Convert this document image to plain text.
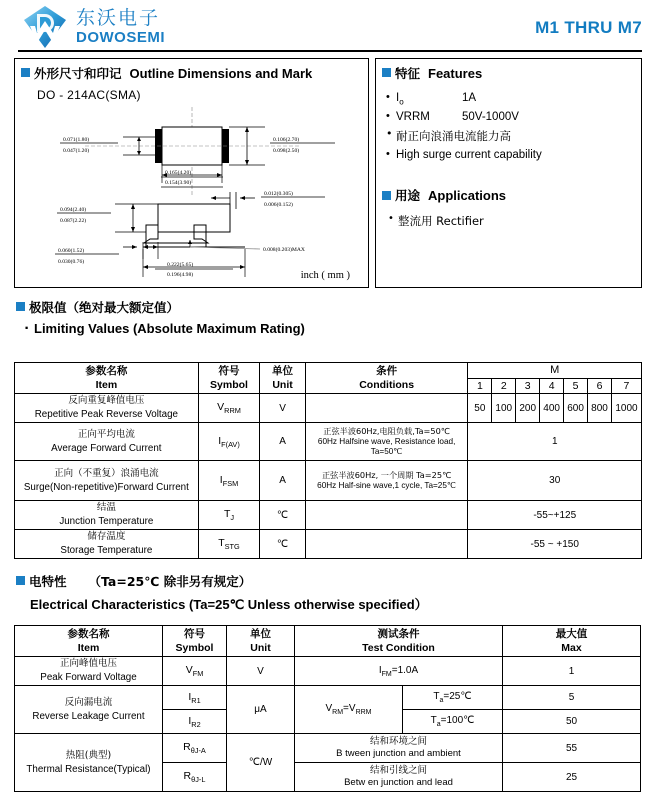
东沃电子
DOWOSEMI
M1 THRU M7
外形尺寸和印记 Outline Dimensions and Mark
DO - 214AC(SMA)
0.071(1.80)
0.047(1.20)
0.106(2.70)
0.098(2.50)
0.165(4.20)
0.154(3.90)
0.094(2.40)
0.087(2.22)
0.012(0.305)
0.006(0.152)
0.008(0.203)MAX
0.060(1.52)
0.030(0.76)	0.222(5.65)
0.196(4.98)	inch ( mm )
特征 Features
• $I_o$	1A
• VRRM	50V-1000V
• 耐正向浪涌电流能力高
• High surge current capability
用途 Applications
• 整流用 Rectifier
极限值（绝对最大额定值）
· Limiting Values (Absolute Maximum Rating)
参数名称
Item	符号
Symbol	单位
Unit	条件
Conditions	M						
				1	2	3	4	5	6	7

反向重复峰值电压
Repetitive Peak Reverse Voltage	$V_{RRM}$	V		50	100	200	400	600	800	1000

正向平均电流
Average Forward Current	$I_{F(AV)}$	A	正弦半波60Hz,电阻负载,Ta=50℃
60Hz Halfsine wave, Resistance load, Ta=50℃	1						

正向（不重复）浪涌电流
Surge(Non-repetitive)Forward Current	$I_{FSM}$	A	正弦半波60Hz, 一个周期 Ta=25℃
60Hz Half-sine wave,1 cycle, Ta=25℃	30						

结温
Junction Temperature	$T_J$	℃		-55~+125						

储存温度
Storage Temperature	$T_{STG}$	℃		-55 ~ +150						
电特性 （Ta=25℃ 除非另有规定）
Electrical Characteristics (Ta=25℃ Unless otherwise specified）
参数名称
Item	符号
Symbol	单位
Unit	测试条件
Test Condition		最大值
Max

正向峰值电压
Peak Forward Voltage	$V_{FM}$	V	$I_{FM}=1.0A$		1

反向漏电流
Reverse Leakage Current	$I_{R1}$	μA	$V_{RM}=V_{RRM}$	$T_a=25℃$	5
	$I_{R2}$			$T_a=100℃$	50

热阻(典型)
Thermal Resistance(Typical)	$R_{\theta J-A}$	℃/W	结和环境之间
B tween junction and ambient		55
	$R_{\theta J-L}$		结和引线之间
Betw en junction and lead		25
